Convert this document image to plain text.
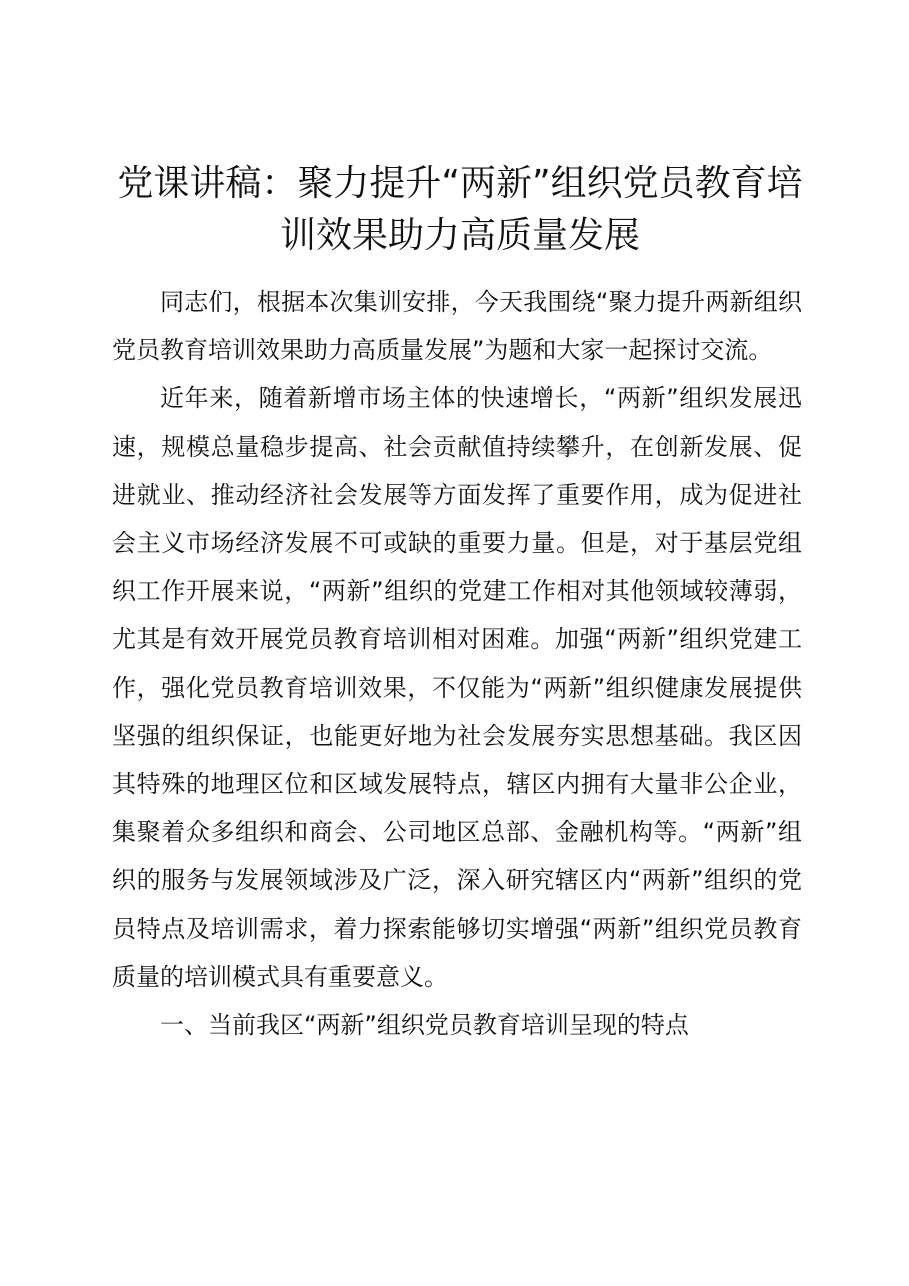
党课讲稿：聚力提升“两新”组织党员教育培训效果助力高质量发展

同志们，根据本次集训安排，今天我围绕“聚力提升两新组织党员教育培训效果助力高质量发展”为题和大家一起探讨交流。

近年来，随着新增市场主体的快速增长，“两新”组织发展迅速，规模总量稳步提高、社会贡献值持续攀升，在创新发展、促进就业、推动经济社会发展等方面发挥了重要作用，成为促进社会主义市场经济发展不可或缺的重要力量。但是，对于基层党组织工作开展来说，“两新”组织的党建工作相对其他领域较薄弱，尤其是有效开展党员教育培训相对困难。加强“两新”组织党建工作，强化党员教育培训效果，不仅能为“两新”组织健康发展提供坚强的组织保证，也能更好地为社会发展夯实思想基础。我区因其特殊的地理区位和区域发展特点，辖区内拥有大量非公企业，集聚着众多组织和商会、公司地区总部、金融机构等。“两新”组织的服务与发展领域涉及广泛，深入研究辖区内“两新”组织的党员特点及培训需求，着力探索能够切实增强“两新”组织党员教育质量的培训模式具有重要意义。

一、当前我区“两新”组织党员教育培训呈现的特点
